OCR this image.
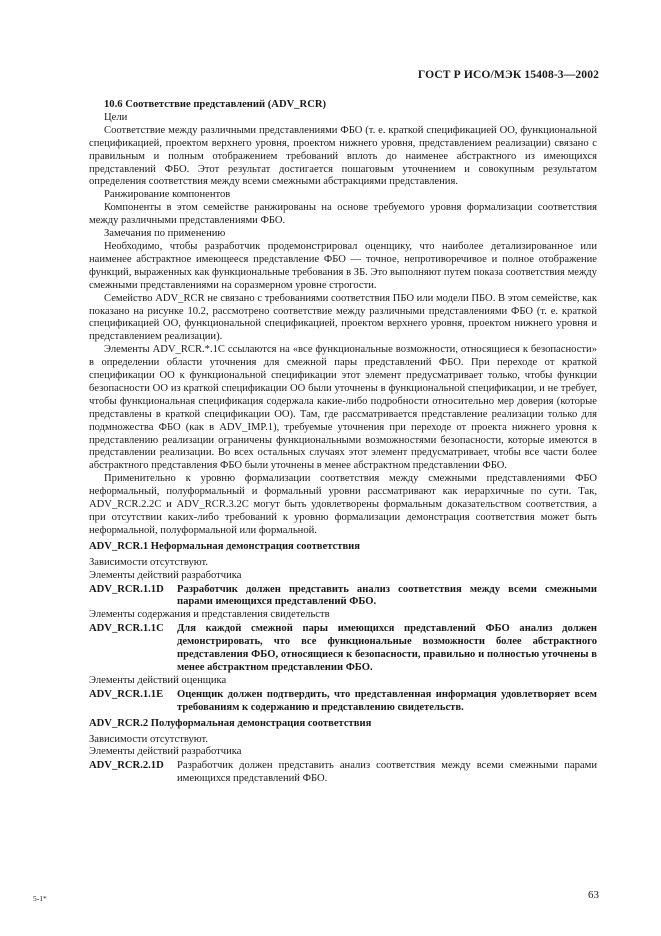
ГОСТ Р ИСО/МЭК 15408-3—2002

10.6 Соответствие представлений (ADV_RCR)

Цели

Соответствие между различными представлениями ФБО (т. е. краткой спецификацией ОО, функциональной спецификацией, проектом верхнего уровня, проектом нижнего уровня, представлением реализации) связано с правильным и полным отображением требований вплоть до наименее абстрактного из имеющихся представлений ФБО. Этот результат достигается пошаговым уточнением и совокупным результатом определения соответствия между всеми смежными абстракциями представления.

Ранжирование компонентов

Компоненты в этом семействе ранжированы на основе требуемого уровня формализации соответствия между различными представлениями ФБО.

Замечания по применению

Необходимо, чтобы разработчик продемонстрировал оценщику, что наиболее детализированное или наименее абстрактное имеющееся представление ФБО — точное, непротиворечивое и полное отображение функций, выраженных как функциональные требования в ЗБ. Это выполняют путем показа соответствия между смежными представлениями на соразмерном уровне строгости.

Семейство ADV_RCR не связано с требованиями соответствия ПБО или модели ПБО. В этом семействе, как показано на рисунке 10.2, рассмотрено соответствие между различными представлениями ФБО (т. е. краткой спецификацией ОО, функциональной спецификацией, проектом верхнего уровня, проектом нижнего уровня и представлением реализации).

Элементы ADV_RCR.*.1C ссылаются на «все функциональные возможности, относящиеся к безопасности» в определении области уточнения для смежной пары представлений ФБО. При переходе от краткой спецификации ОО к функциональной спецификации этот элемент предусматривает только, чтобы функции безопасности ОО из краткой спецификации ОО были уточнены в функциональной спецификации, и не требует, чтобы функциональная спецификация содержала какие-либо подробности относительно мер доверия (которые представлены в краткой спецификации ОО). Там, где рассматривается представление реализации только для подмножества ФБО (как в ADV_IMP.1), требуемые уточнения при переходе от проекта нижнего уровня к представлению реализации ограничены функциональными возможностями безопасности, которые имеются в представлении реализации. Во всех остальных случаях этот элемент предусматривает, чтобы все части более абстрактного представления ФБО были уточнены в менее абстрактном представлении ФБО.

Применительно к уровню формализации соответствия между смежными представлениями ФБО неформальный, полуформальный и формальный уровни рассматривают как иерархичные по сути. Так, ADV_RCR.2.2C и ADV_RCR.3.2C могут быть удовлетворены формальным доказательством соответствия, а при отсутствии каких-либо требований к уровню формализации демонстрация соответствия может быть неформальной, полуформальной или формальной.

ADV_RCR.1 Неформальная демонстрация соответствия

Зависимости отсутствуют.

Элементы действий разработчика

ADV_RCR.1.1D Разработчик должен представить анализ соответствия между всеми смежными парами имеющихся представлений ФБО.

Элементы содержания и представления свидетельств

ADV_RCR.1.1C Для каждой смежной пары имеющихся представлений ФБО анализ должен демонстрировать, что все функциональные возможности более абстрактного представления ФБО, относящиеся к безопасности, правильно и полностью уточнены в менее абстрактном представлении ФБО.

Элементы действий оценщика

ADV_RCR.1.1E Оценщик должен подтвердить, что представленная информация удовлетворяет всем требованиям к содержанию и представлению свидетельств.

ADV_RCR.2 Полуформальная демонстрация соответствия

Зависимости отсутствуют.

Элементы действий разработчика

ADV_RCR.2.1D Разработчик должен представить анализ соответствия между всеми смежными парами имеющихся представлений ФБО.
5-1*	63
